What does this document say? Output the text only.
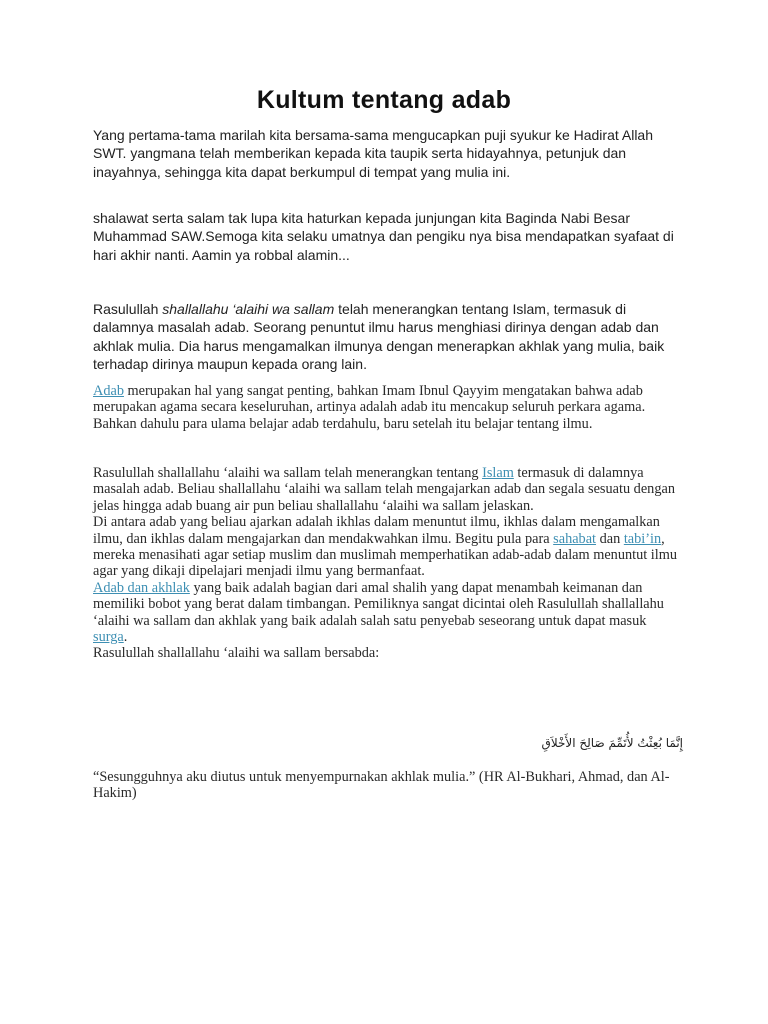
Kultum tentang adab

Yang pertama-tama marilah kita bersama-sama mengucapkan puji syukur ke Hadirat Allah SWT. yangmana telah memberikan kepada kita taupik serta hidayahnya, petunjuk dan inayahnya, sehingga kita dapat berkumpul di tempat yang mulia ini.

shalawat serta salam tak lupa kita haturkan kepada junjungan kita Baginda Nabi Besar Muhammad SAW.Semoga kita selaku umatnya dan pengiku nya bisa mendapatkan syafaat di hari akhir nanti. Aamin ya robbal alamin...

Rasulullah shallallahu ‘alaihi wa sallam telah menerangkan tentang Islam, termasuk di dalamnya masalah adab. Seorang penuntut ilmu harus menghiasi dirinya dengan adab dan akhlak mulia. Dia harus mengamalkan ilmunya dengan menerapkan akhlak yang mulia, baik terhadap dirinya maupun kepada orang lain.

Adab merupakan hal yang sangat penting, bahkan Imam Ibnul Qayyim mengatakan bahwa adab merupakan agama secara keseluruhan, artinya adalah adab itu mencakup seluruh perkara agama. Bahkan dahulu para ulama belajar adab terdahulu, baru setelah itu belajar tentang ilmu.

Rasulullah shallallahu ‘alaihi wa sallam telah menerangkan tentang Islam termasuk di dalamnya masalah adab. Beliau shallallahu ‘alaihi wa sallam telah mengajarkan adab dan segala sesuatu dengan jelas hingga adab buang air pun beliau shallallahu ‘alaihi wa sallam jelaskan.
Di antara adab yang beliau ajarkan adalah ikhlas dalam menuntut ilmu, ikhlas dalam mengamalkan ilmu, dan ikhlas dalam mengajarkan dan mendakwahkan ilmu. Begitu pula para sahabat dan tabi’in, mereka menasihati agar setiap muslim dan muslimah memperhatikan adab-adab dalam menuntut ilmu agar yang dikaji dipelajari menjadi ilmu yang bermanfaat.
Adab dan akhlak yang baik adalah bagian dari amal shalih yang dapat menambah keimanan dan memiliki bobot yang berat dalam timbangan. Pemiliknya sangat dicintai oleh Rasulullah shallallahu ‘alaihi wa sallam dan akhlak yang baik adalah salah satu penyebab seseorang untuk dapat masuk surga.
Rasulullah shallallahu ‘alaihi wa sallam bersabda:

إِنَّمَا بُعِثْتُ لأُتَمِّمَ صَالِحَ الأَخْلاَقِ

“Sesungguhnya aku diutus untuk menyempurnakan akhlak mulia.” (HR Al-Bukhari, Ahmad, dan Al-Hakim)
